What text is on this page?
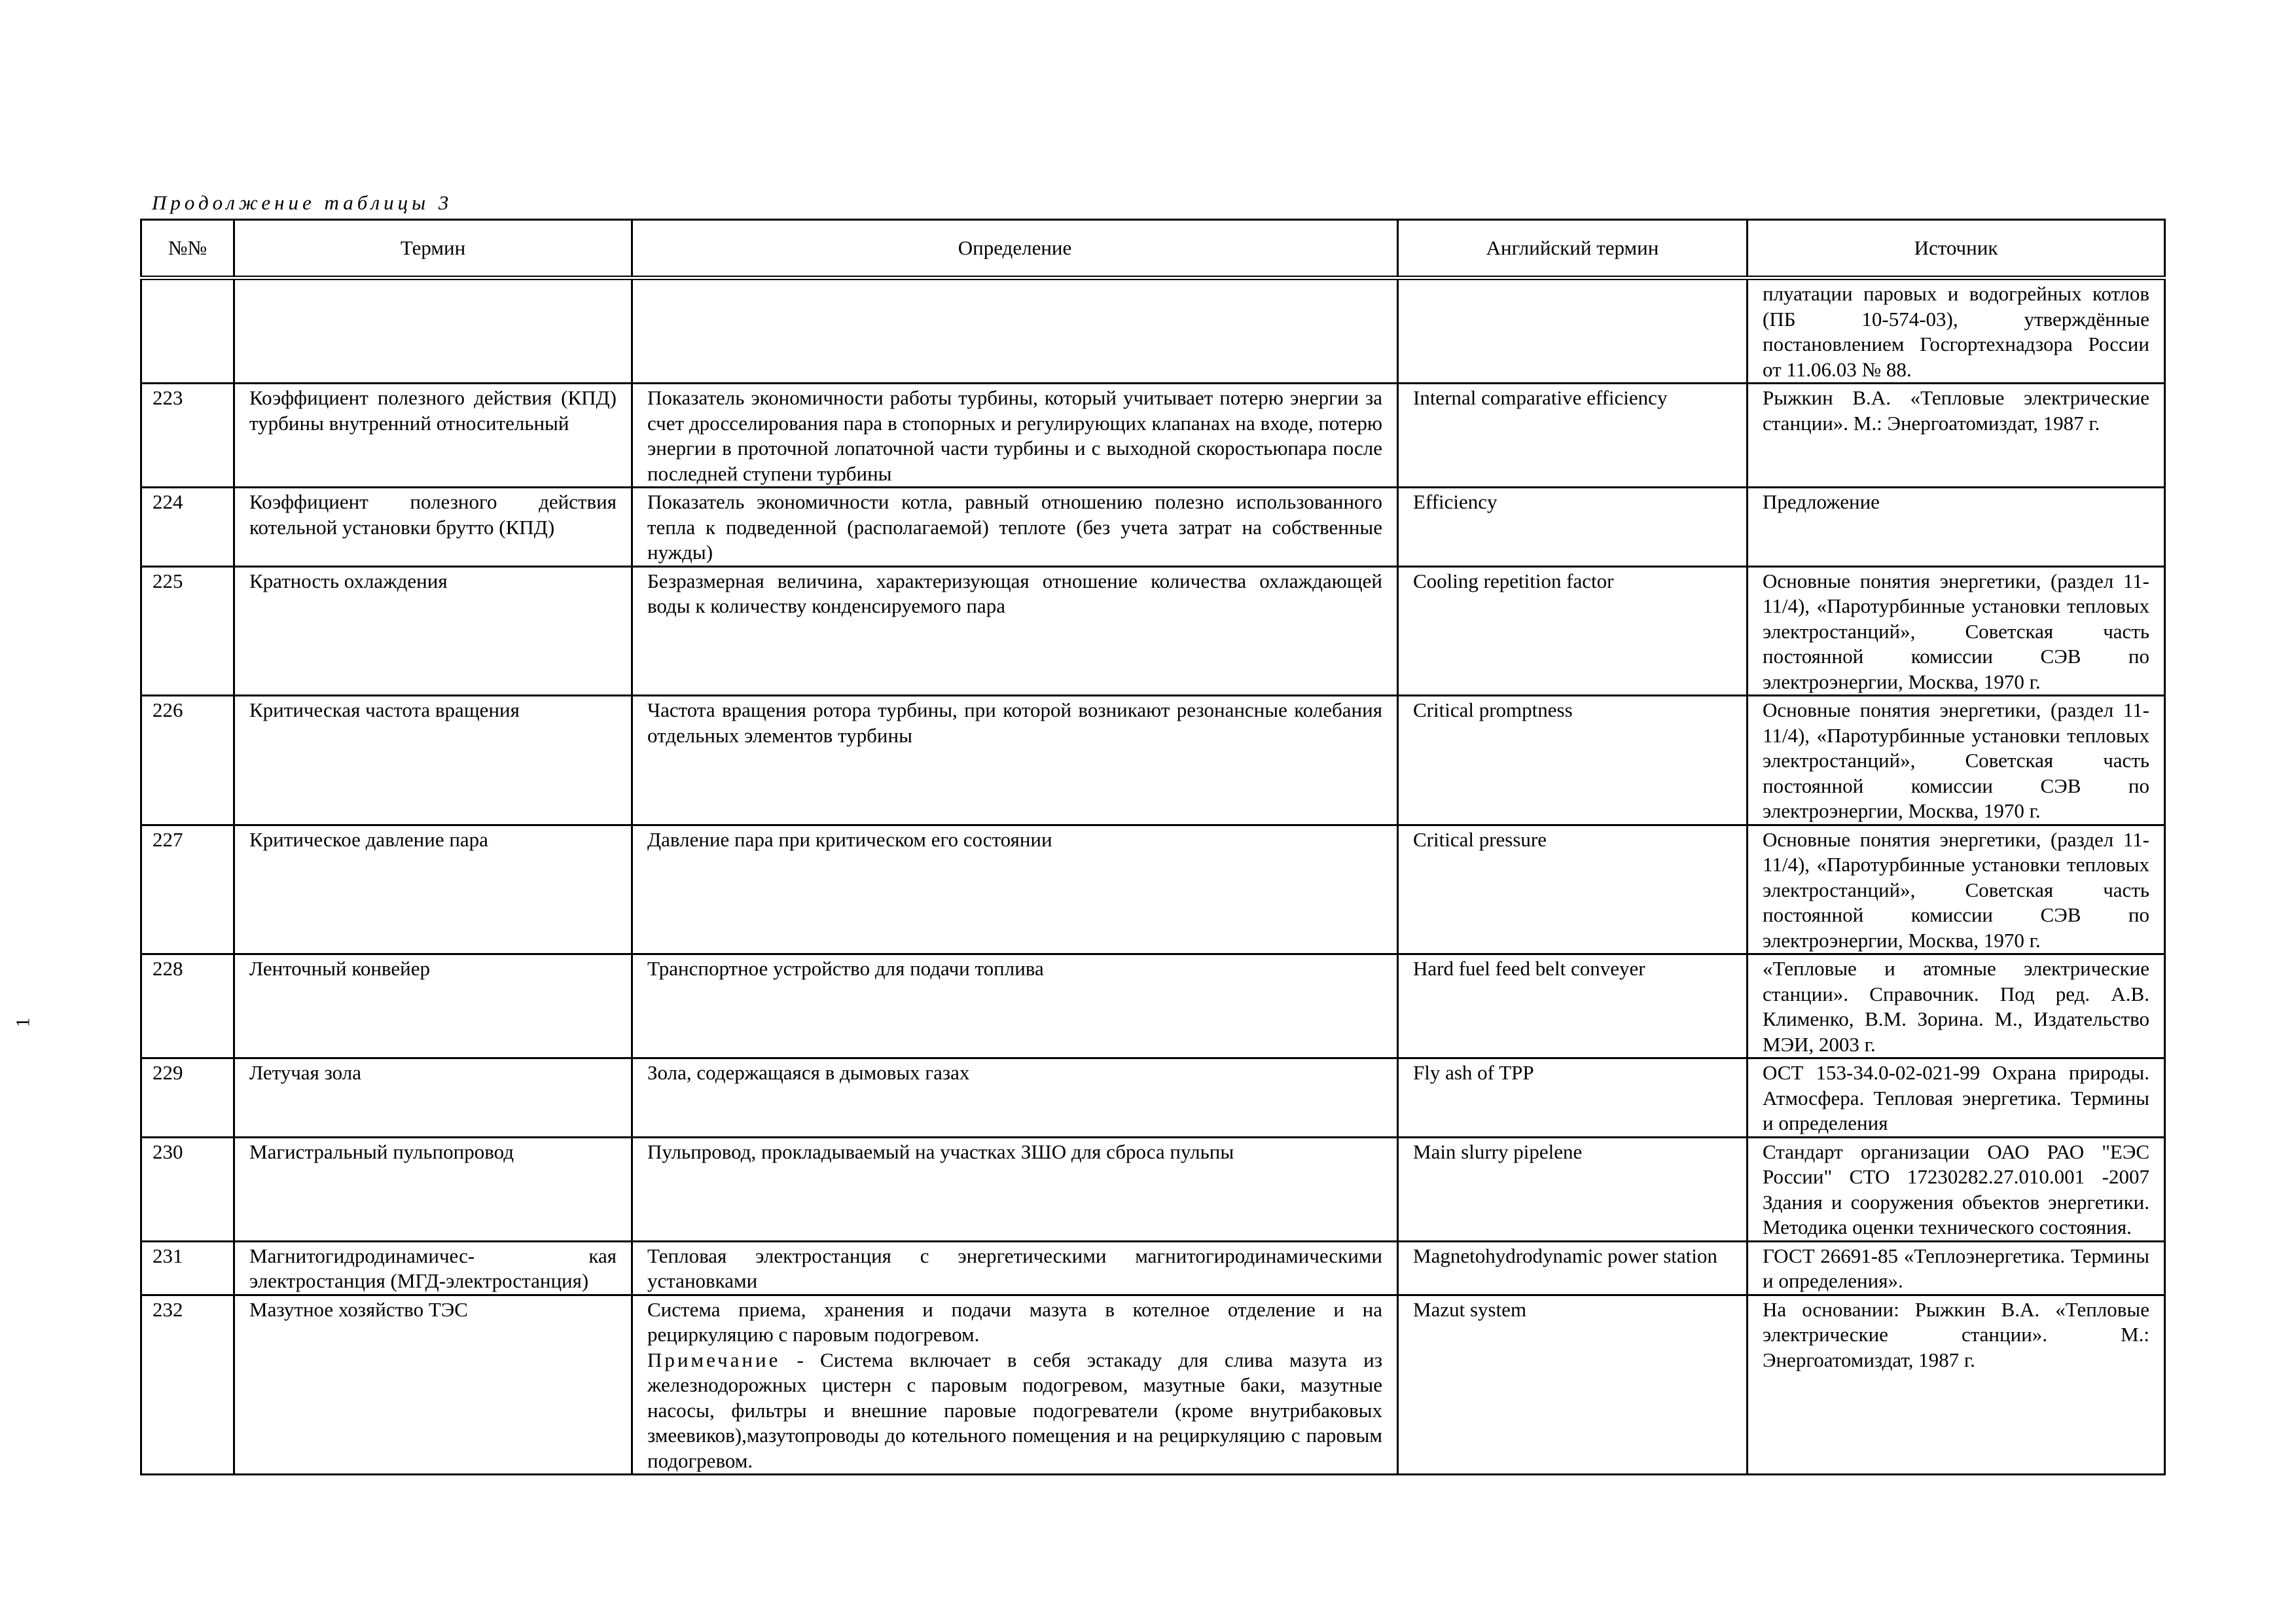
Продолжение таблицы 3
1
№№	Термин	Определение	Английский термин	Источник
				плуатации паровых и водогрейных котлов (ПБ 10-574-03), утверждённые постановлением Госгортехнадзора России от 11.06.03 № 88.
223	Коэффициент полезного действия (КПД) турбины внутренний относительный	Показатель экономичности работы турбины, который учитывает потерю энергии за счет дросселирования пара в стопорных и регулирующих клапанах на входе, потерю энергии в проточной лопаточной части турбины и с выходной скоростьюпара после последней ступени турбины	Internal comparative efficiency	Рыжкин В.А. «Тепловые электрические станции». М.: Энергоатомиздат, 1987 г.
224	Коэффициент полезного действия котельной установки брутто (КПД)	Показатель экономичности котла, равный отношению полезно использованного тепла к подведенной (располагаемой) теплоте (без учета затрат на собственные нужды)	Efficiency	Предложение
225	Кратность охлаждения	Безразмерная величина, характеризующая отношение количества охлаждающей воды к количеству конденсируемого пара	Cooling repetition factor	Основные понятия энергетики, (раздел 11-11/4), «Паротурбинные установки тепловых электростанций», Советская часть постоянной комиссии СЭВ по электроэнергии, Москва, 1970 г.
226	Критическая частота вращения	Частота вращения ротора турбины, при которой возникают резонансные колебания отдельных элементов турбины	Critical promptness	Основные понятия энергетики, (раздел 11-11/4), «Паротурбинные установки тепловых электростанций», Советская часть постоянной комиссии СЭВ по электроэнергии, Москва, 1970 г.
227	Критическое давление пара	Давление пара при критическом его состоянии	Critical pressure	Основные понятия энергетики, (раздел 11-11/4), «Паротурбинные установки тепловых электростанций», Советская часть постоянной комиссии СЭВ по электроэнергии, Москва, 1970 г.
228	Ленточный конвейер	Транспортное устройство для подачи топлива	Hard fuel feed belt conveyer	«Тепловые и атомные электрические станции». Справочник. Под ред. А.В. Клименко, В.М. Зорина. М., Издательство МЭИ, 2003 г.
229	Летучая зола	Зола, содержащаяся в дымовых газах	Fly ash of TPP	ОСТ 153-34.0-02-021-99 Охрана природы. Атмосфера. Тепловая энергетика. Термины и определения
230	Магистральный пульпопровод	Пульпровод, прокладываемый на участках ЗШО для сброса пульпы	Main slurry pipelene	Стандарт организации ОАО РАО "ЕЭС России" СТО 17230282.27.010.001 -2007 Здания и сооружения объектов энергетики. Методика оценки технического состояния.
231	Магнитогидродинамичес- кая электростанция (МГД-электростанция)	Тепловая электростанция с энергетическими магнитогиродинамическими установками	Magnetohydrodynamic power station	ГОСТ 26691-85 «Теплоэнергетика. Термины и определения».
232	Мазутное хозяйство ТЭС	Система приема, хранения и подачи мазута в котелное отделение и на рециркуляцию с паровым подогревом.
Примечание - Система включает в себя эстакаду для слива мазута из железнодорожных цистерн с паровым подогревом, мазутные баки, мазутные насосы, фильтры и внешние паровые подогреватели (кроме внутрибаковых змеевиков),мазутопроводы до котельного помещения и на рециркуляцию с паровым подогревом.	Mazut system	На основании: Рыжкин В.А. «Тепловые электрические станции». М.: Энергоатомиздат, 1987 г.
